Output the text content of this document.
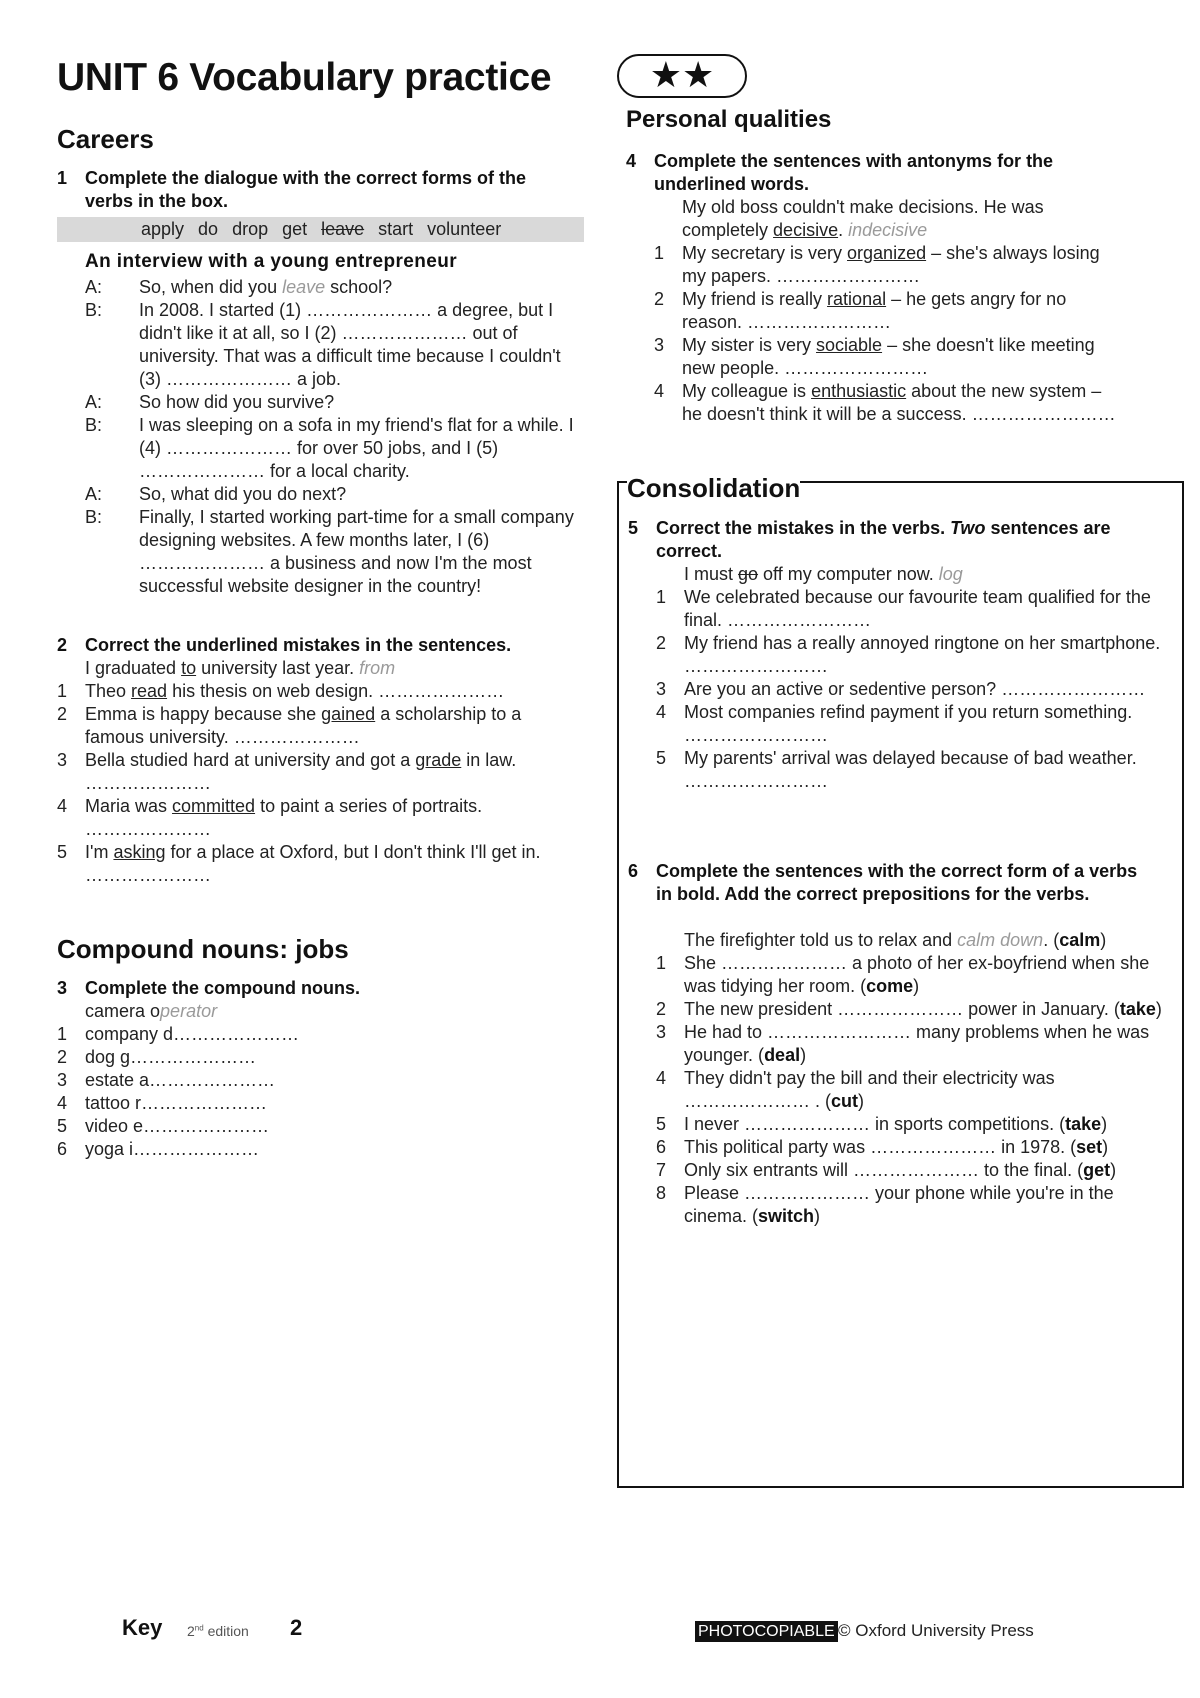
UNIT 6 Vocabulary practice	★★
Careers
1 Complete the dialogue with the correct forms of the verbs in the box.
apply do drop get leave start volunteer
An interview with a young entrepreneur
A:	So, when did you leave school?
B:	In 2008. I started (1) ………………… a degree, but I didn't like it at all, so I (2) ………………… out of university. That was a difficult time because I couldn't (3) ………………… a job.
A:	So how did you survive?
B:	I was sleeping on a sofa in my friend's flat for a while. I (4) ………………… for over 50 jobs, and I (5) ………………… for a local charity.
A:	So, what did you do next?
B:	Finally, I started working part-time for a small company designing websites. A few months later, I (6) ………………… a business and now I'm the most successful website designer in the country!
2 Correct the underlined mistakes in the sentences.
I graduated to university last year. from
1 Theo read his thesis on web design. …………………
2 Emma is happy because she gained a scholarship to a famous university. …………………
3 Bella studied hard at university and got a grade in law. …………………
4 Maria was committed to paint a series of portraits. …………………
5 I'm asking for a place at Oxford, but I don't think I'll get in. …………………
Compound nouns: jobs
3 Complete the compound nouns.
camera operator
1 company d…………………
2 dog g…………………
3 estate a…………………
4 tattoo r…………………
5 video e…………………
6 yoga i…………………
Personal qualities
4 Complete the sentences with antonyms for the underlined words.
My old boss couldn't make decisions. He was completely decisive. indecisive
1 My secretary is very organized – she's always losing my papers. ……………………
2 My friend is really rational – he gets angry for no reason. ……………………
3 My sister is very sociable – she doesn't like meeting new people. ……………………
4 My colleague is enthusiastic about the new system – he doesn't think it will be a success. ……………………
Consolidation
5 Correct the mistakes in the verbs. Two sentences are correct.
I must go off my computer now. log
1 We celebrated because our favourite team qualified for the final. ……………………
2 My friend has a really annoyed ringtone on her smartphone. ……………………
3 Are you an active or sedentive person? ……………………
4 Most companies refind payment if you return something. ……………………
5 My parents' arrival was delayed because of bad weather. ……………………
6 Complete the sentences with the correct form of a verbs in bold. Add the correct prepositions for the verbs.
The firefighter told us to relax and calm down. (calm)
1 She ………………… a photo of her ex-boyfriend when she was tidying her room. (come)
2 The new president ………………… power in January. (take)
3 He had to …………………… many problems when he was younger. (deal)
4 They didn't pay the bill and their electricity was ………………… . (cut)
5 I never ………………… in sports competitions. (take)
6 This political party was ………………… in 1978. (set)
7 Only six entrants will ………………… to the final. (get)
8 Please ………………… your phone while you're in the cinema. (switch)
Key 2nd edition 2	PHOTOCOPIABLE © Oxford University Press
